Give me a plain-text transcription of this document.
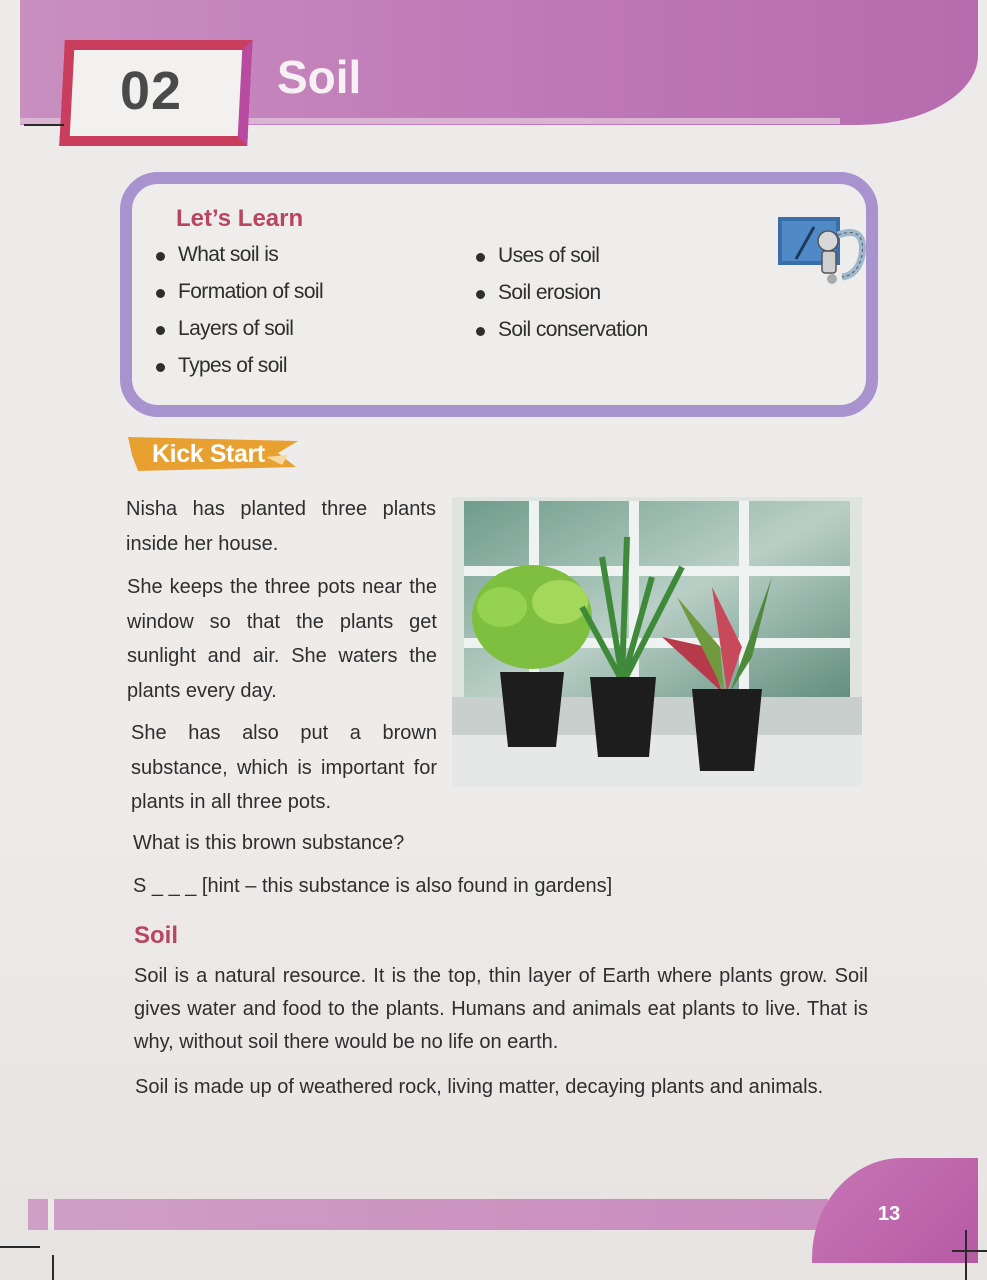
02 Soil
Let’s Learn
What soil is
Formation of soil
Layers of soil
Types of soil
Uses of soil
Soil erosion
Soil conservation
Kick Start

Nisha has planted three plants inside her house.

She keeps the three pots near the window so that the plants get sunlight and air. She waters the plants every day.

She has also put a brown substance, which is important for plants in all three pots.

What is this brown substance?

S _ _ _ [hint – this substance is also found in gardens]

Soil

Soil is a natural resource. It is the top, thin layer of Earth where plants grow. Soil gives water and food to the plants. Humans and animals eat plants to live. That is why, without soil there would be no life on earth.

Soil is made up of weathered rock, living matter, decaying plants and animals.

13
